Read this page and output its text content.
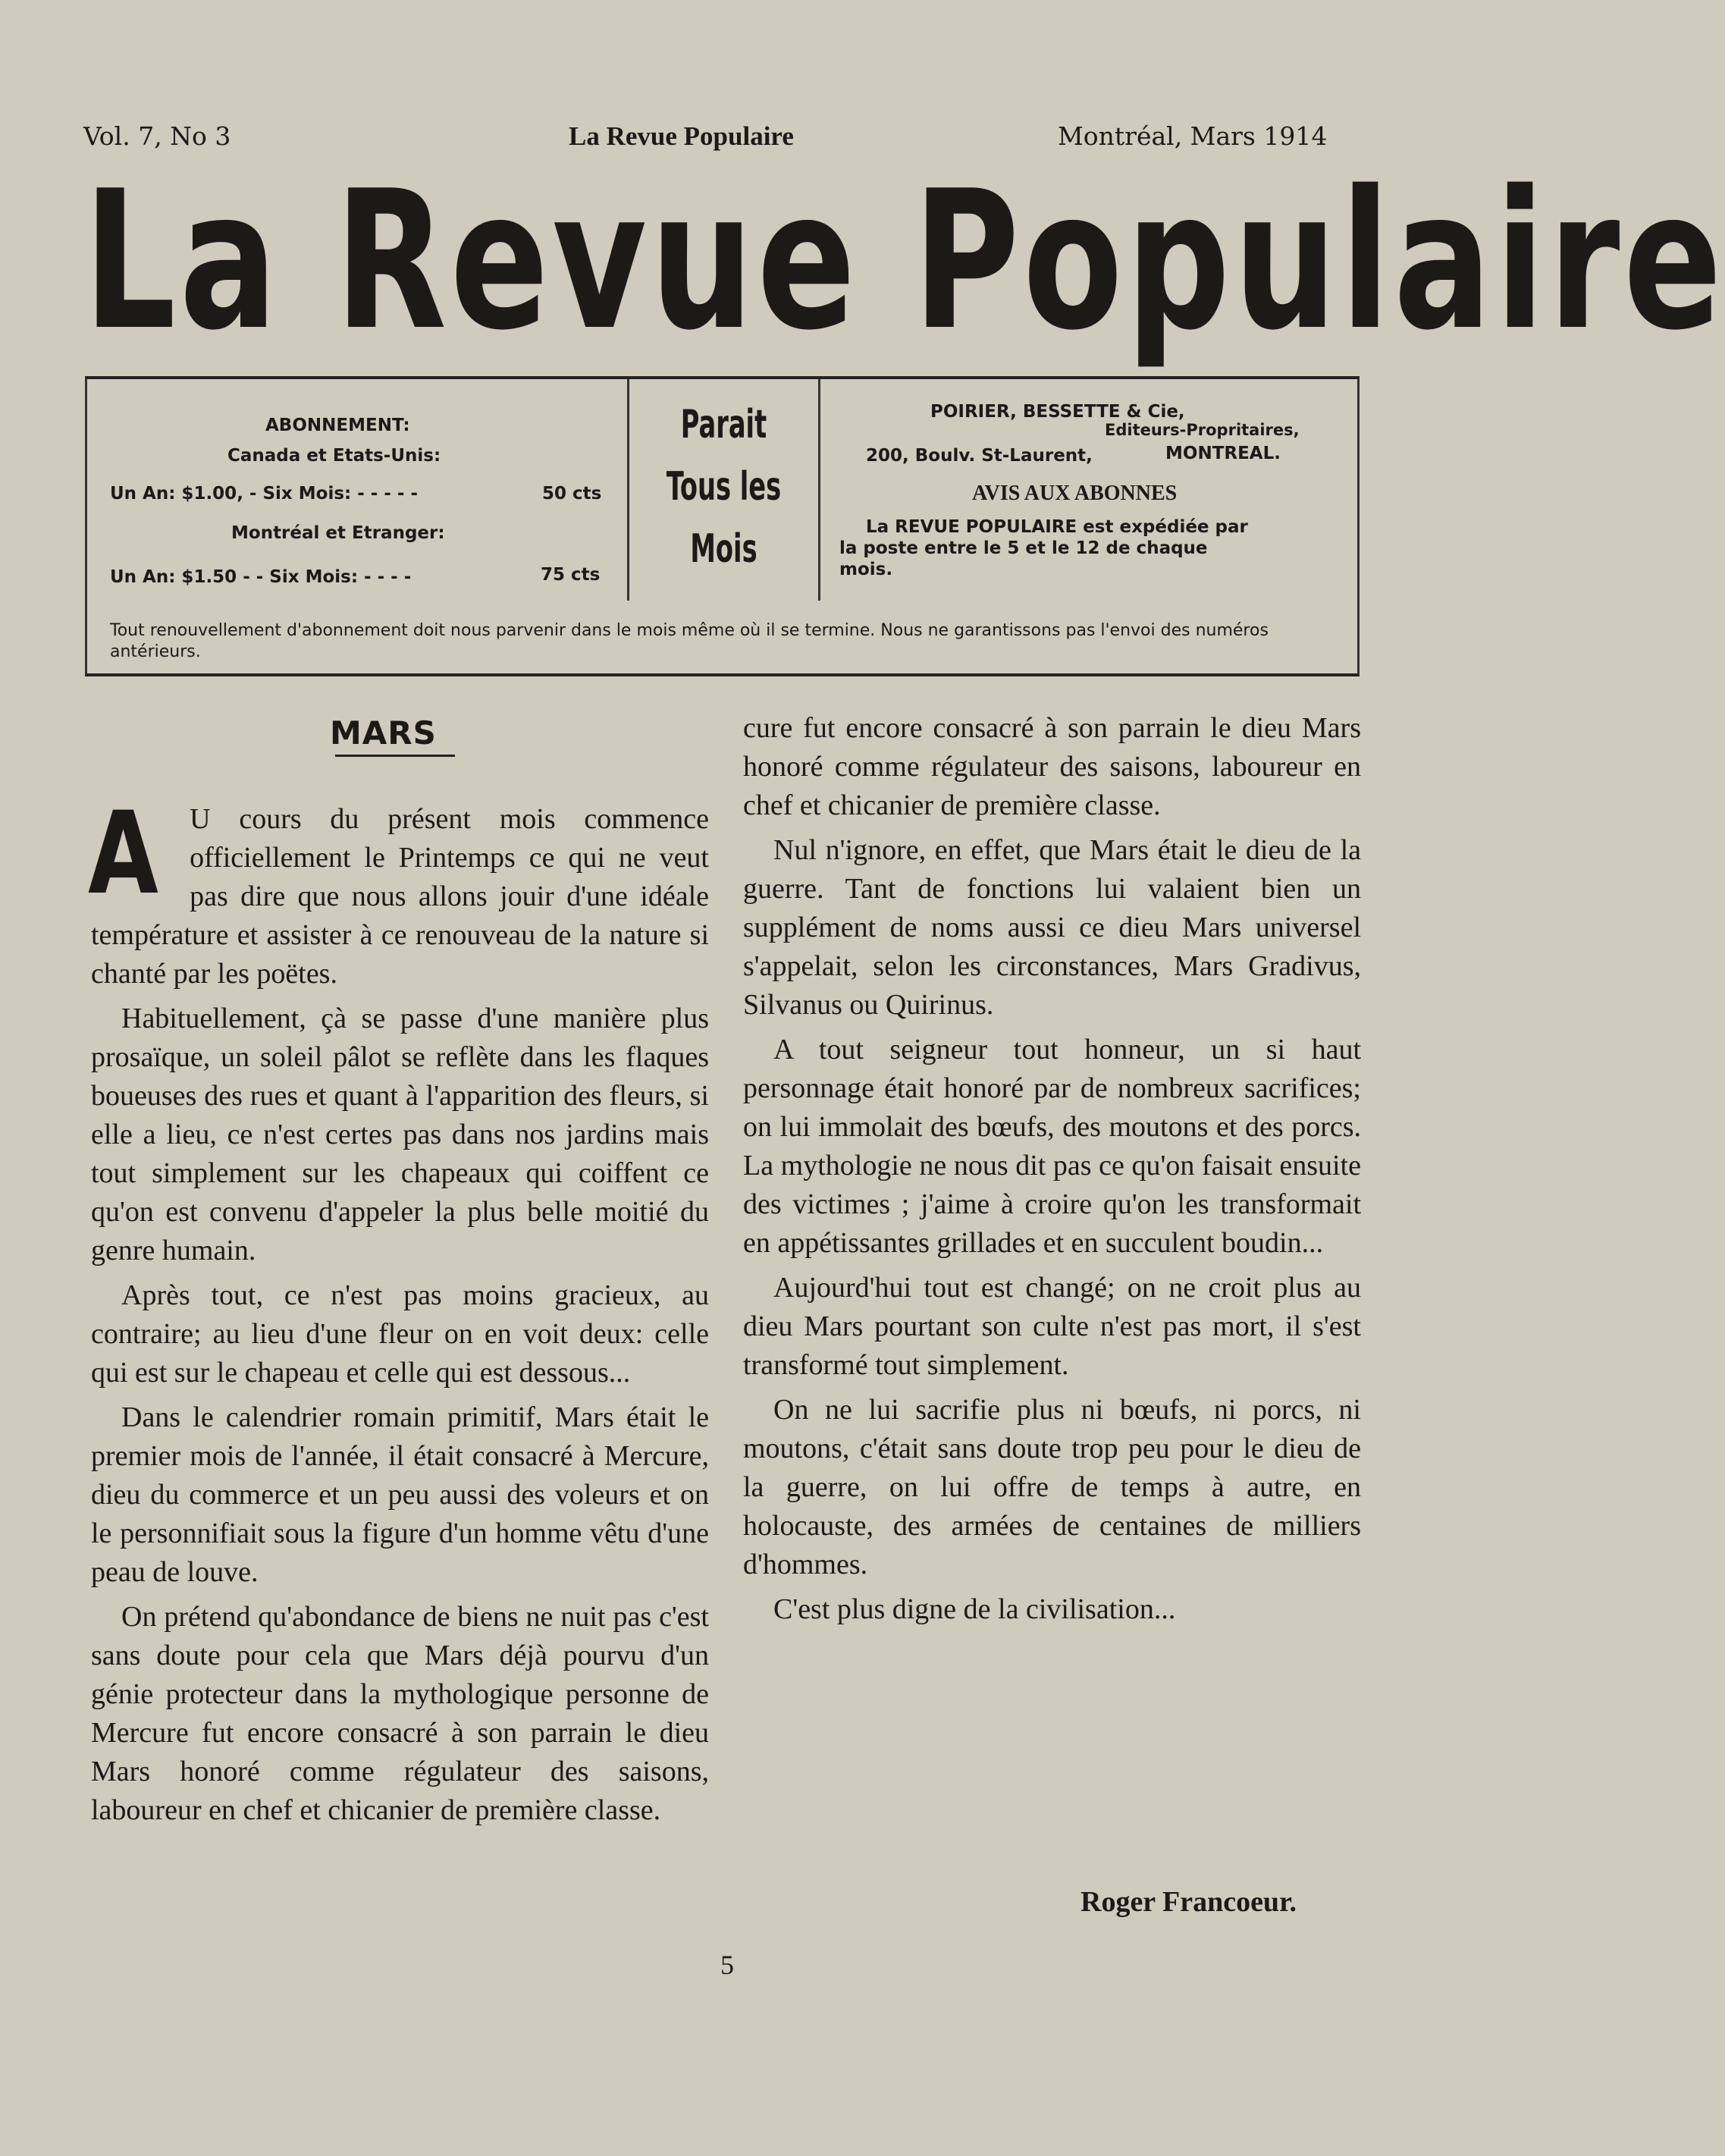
Vol. 7, No 3	La Revue Populaire	Montréal, Mars 1914
La Revue Populaire
ABONNEMENT:
Canada et Etats-Unis:
Un An: $1.00, - Six Mois: - - - - -	50 cts
Montréal et Etranger:
Un An: $1.50 - - Six Mois: - - - -	75 cts
Parait
Tous les
Mois
POIRIER, BESSETTE & Cie,
Editeurs-Propritaires,
200, Boulv. St-Laurent,	MONTREAL.
AVIS AUX ABONNES
La REVUE POPULAIRE est expédiée par
la poste entre le 5 et le 12 de chaque
mois.
Tout renouvellement d'abonnement doit nous parvenir dans le mois même où il se termine. Nous ne garantissons pas l'envoi des numéros antérieurs.
MARS

A U cours du présent mois commence officiellement le Printemps ce qui ne veut pas dire que nous allons jouir d'une idéale température et assister à ce renouveau de la nature si chanté par les poëtes.

Habituellement, çà se passe d'une manière plus prosaïque, un soleil pâlot se reflète dans les flaques boueuses des rues et quant à l'apparition des fleurs, si elle a lieu, ce n'est certes pas dans nos jardins mais tout simplement sur les chapeaux qui coiffent ce qu'on est convenu d'appeler la plus belle moitié du genre humain.

Après tout, ce n'est pas moins gracieux, au contraire; au lieu d'une fleur on en voit deux: celle qui est sur le chapeau et celle qui est dessous...

Dans le calendrier romain primitif, Mars était le premier mois de l'année, il était consacré à Mercure, dieu du commerce et un peu aussi des voleurs et on le personnifiait sous la figure d'un homme vêtu d'une peau de louve.

On prétend qu'abondance de biens ne nuit pas c'est sans doute pour cela que Mars déjà pourvu d'un génie protecteur dans la mythologique personne de Mercure fut encore consacré à son parrain le dieu Mars honoré comme régulateur des saisons, laboureur en chef et chicanier de première classe.

cure fut encore consacré à son parrain le dieu Mars honoré comme régulateur des saisons, laboureur en chef et chicanier de première classe.

Nul n'ignore, en effet, que Mars était le dieu de la guerre. Tant de fonctions lui valaient bien un supplément de noms aussi ce dieu Mars universel s'appelait, selon les circonstances, Mars Gradivus, Silvanus ou Quirinus.

A tout seigneur tout honneur, un si haut personnage était honoré par de nombreux sacrifices; on lui immolait des bœufs, des moutons et des porcs. La mythologie ne nous dit pas ce qu'on faisait ensuite des victimes ; j'aime à croire qu'on les transformait en appétissantes grillades et en succulent boudin...

Aujourd'hui tout est changé; on ne croit plus au dieu Mars pourtant son culte n'est pas mort, il s'est transformé tout simplement.

On ne lui sacrifie plus ni bœufs, ni porcs, ni moutons, c'était sans doute trop peu pour le dieu de la guerre, on lui offre de temps à autre, en holocauste, des armées de centaines de milliers d'hommes.

C'est plus digne de la civilisation...

Roger Francoeur.
5
